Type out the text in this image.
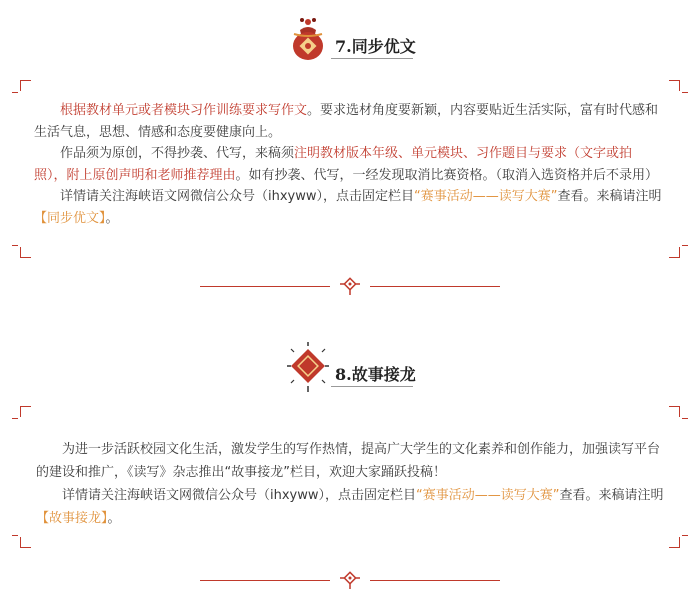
7.同步优文

根据教材单元或者模块习作训练要求写作文。要求选材角度要新颖，内容要贴近生活实际，富有时代感和生活气息，思想、情感和态度要健康向上。

作品须为原创，不得抄袭、代写，来稿须注明教材版本年级、单元模块、习作题目与要求（文字或拍照），附上原创声明和老师推荐理由。如有抄袭、代写，一经发现取消比赛资格。（取消入选资格并后不录用）

详情请关注海峡语文网微信公众号（ihxyww），点击固定栏目“赛事活动——读写大赛”查看。来稿请注明【同步优文】。

8.故事接龙

为进一步活跃校园文化生活，激发学生的写作热情，提高广大学生的文化素养和创作能力，加强读写平台的建设和推广，《读写》杂志推出“故事接龙”栏目，欢迎大家踊跃投稿！

详情请关注海峡语文网微信公众号（ihxyww），点击固定栏目“赛事活动——读写大赛”查看。来稿请注明【故事接龙】。
